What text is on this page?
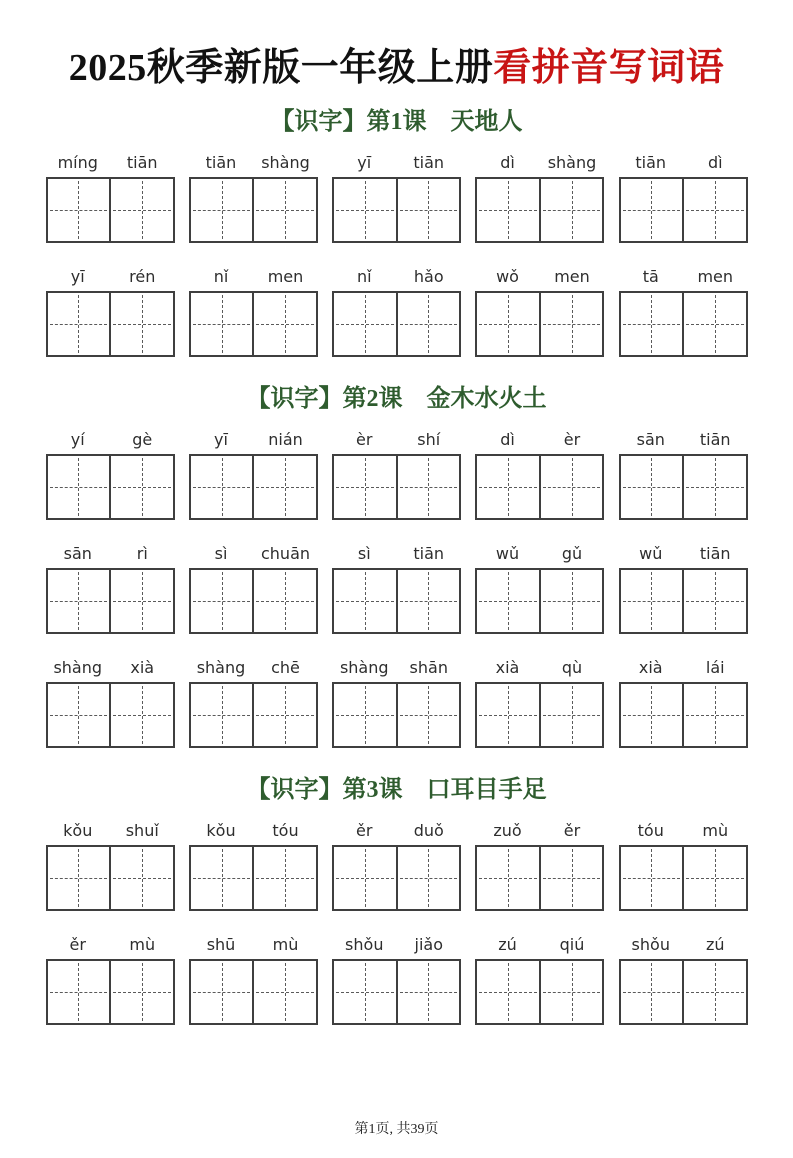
2025秋季新版一年级上册看拼音写词语
【识字】第1课　天地人
míng	tiān	tiān	shàng	yī	tiān	dì	shàng	tiān	dì
yī	rén	nǐ	men	nǐ	hǎo	wǒ	men	tā	men
【识字】第2课　金木水火土
yí	gè	yī	nián	èr	shí	dì	èr	sān	tiān
sān	rì	sì	chuān	sì	tiān	wǔ	gǔ	wǔ	tiān
shàng	xià	shàng	chē	shàng	shān	xià	qù	xià	lái
【识字】第3课　口耳目手足
kǒu	shuǐ	kǒu	tóu	ěr	duǒ	zuǒ	ěr	tóu	mù
ěr	mù	shū	mù	shǒu	jiǎo	zú	qiú	shǒu	zú
第1页, 共39页
